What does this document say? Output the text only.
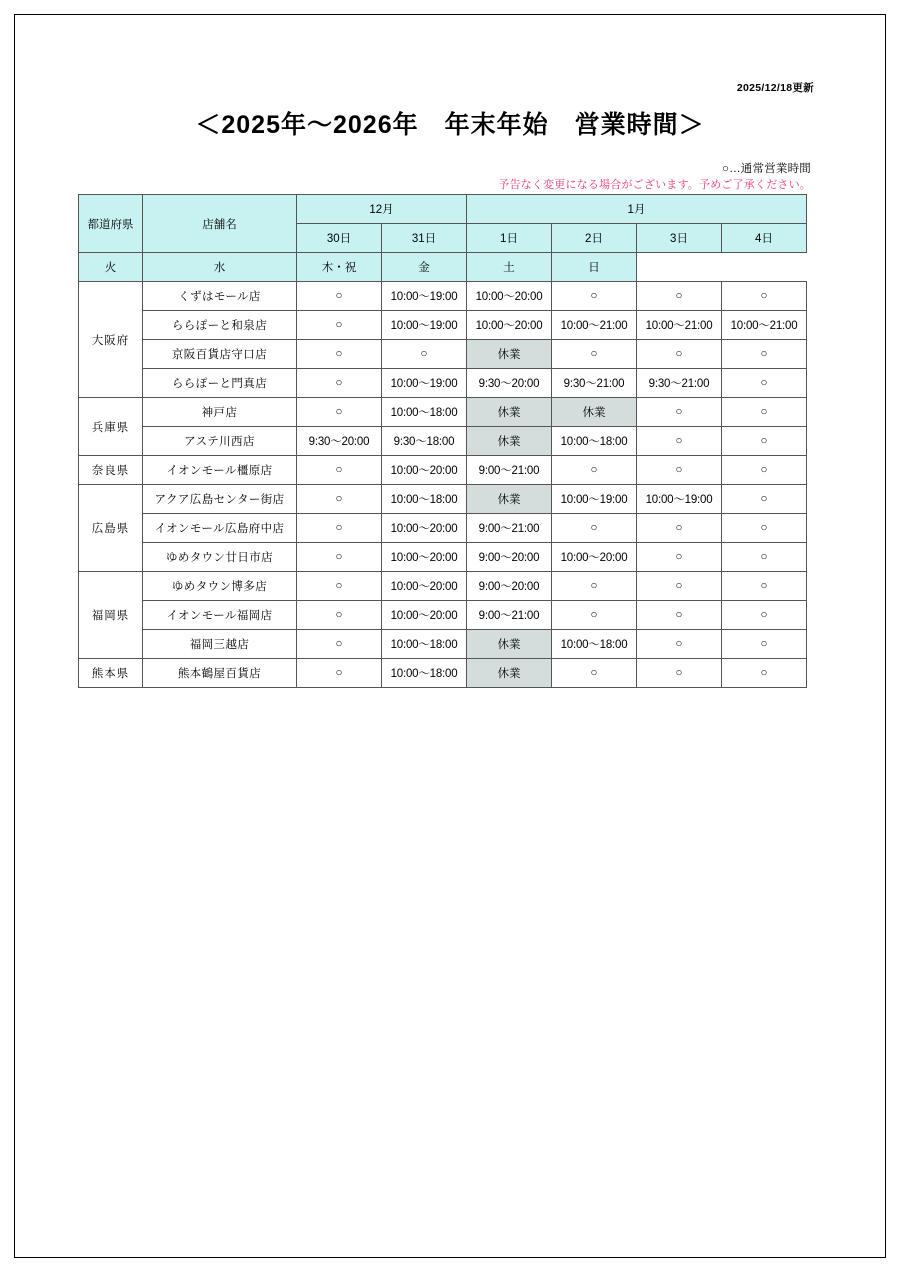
2025/12/18更新
＜2025年～2026年　年末年始　営業時間＞
○…通常営業時間
予告なく変更になる場合がございます。予めご了承ください。
都道府県	店舗名	12月		1月			
		30日	31日	1日	2日	3日	4日
火	水	木・祝	金	土	日		
大阪府	くずはモール店	○	10:00～19:00	10:00～20:00	○	○	○
	ららぽーと和泉店	○	10:00～19:00	10:00～20:00	10:00～21:00	10:00～21:00	10:00～21:00
	京阪百貨店守口店	○	○	休業	○	○	○
	ららぽーと門真店	○	10:00～19:00	9:30～20:00	9:30～21:00	9:30～21:00	○
兵庫県	神戸店	○	10:00～18:00	休業	休業	○	○
	アステ川西店	9:30～20:00	9:30～18:00	休業	10:00～18:00	○	○
奈良県	イオンモール橿原店	○	10:00～20:00	9:00～21:00	○	○	○
広島県	アクア広島センター街店	○	10:00～18:00	休業	10:00～19:00	10:00～19:00	○
	イオンモール広島府中店	○	10:00～20:00	9:00～21:00	○	○	○
	ゆめタウン廿日市店	○	10:00～20:00	9:00～20:00	10:00～20:00	○	○
福岡県	ゆめタウン博多店	○	10:00～20:00	9:00～20:00	○	○	○
	イオンモール福岡店	○	10:00～20:00	9:00～21:00	○	○	○
	福岡三越店	○	10:00～18:00	休業	10:00～18:00	○	○
熊本県	熊本鶴屋百貨店	○	10:00～18:00	休業	○	○	○
